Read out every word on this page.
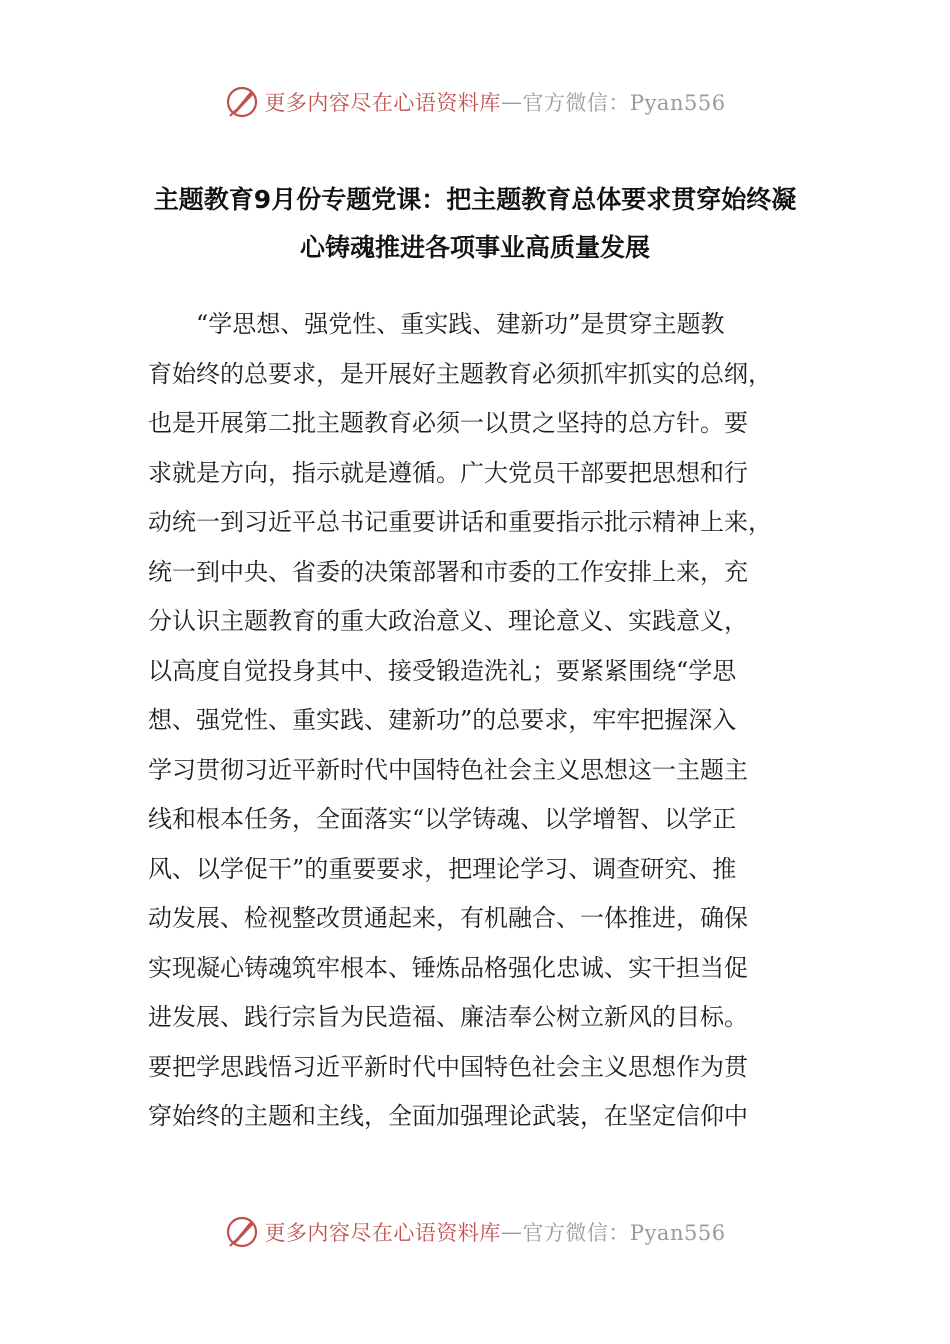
更多内容尽在心语资料库 — 官方微信：Pyan556
主题教育9月份专题党课：把主题教育总体要求贯穿始终凝
心铸魂推进各项事业高质量发展
“学思想、强党性、重实践、建新功”是贯穿主题教
育始终的总要求，是开展好主题教育必须抓牢抓实的总纲，
也是开展第二批主题教育必须一以贯之坚持的总方针。要
求就是方向，指示就是遵循。广大党员干部要把思想和行
动统一到习近平总书记重要讲话和重要指示批示精神上来，
统一到中央、省委的决策部署和市委的工作安排上来，充
分认识主题教育的重大政治意义、理论意义、实践意义，
以高度自觉投身其中、接受锻造洗礼；要紧紧围绕“学思
想、强党性、重实践、建新功”的总要求，牢牢把握深入
学习贯彻习近平新时代中国特色社会主义思想这一主题主
线和根本任务，全面落实“以学铸魂、以学增智、以学正
风、以学促干”的重要要求，把理论学习、调查研究、推
动发展、检视整改贯通起来，有机融合、一体推进，确保
实现凝心铸魂筑牢根本、锤炼品格强化忠诚、实干担当促
进发展、践行宗旨为民造福、廉洁奉公树立新风的目标。
要把学思践悟习近平新时代中国特色社会主义思想作为贯
穿始终的主题和主线，全面加强理论武装，在坚定信仰中
更多内容尽在心语资料库 — 官方微信：Pyan556
